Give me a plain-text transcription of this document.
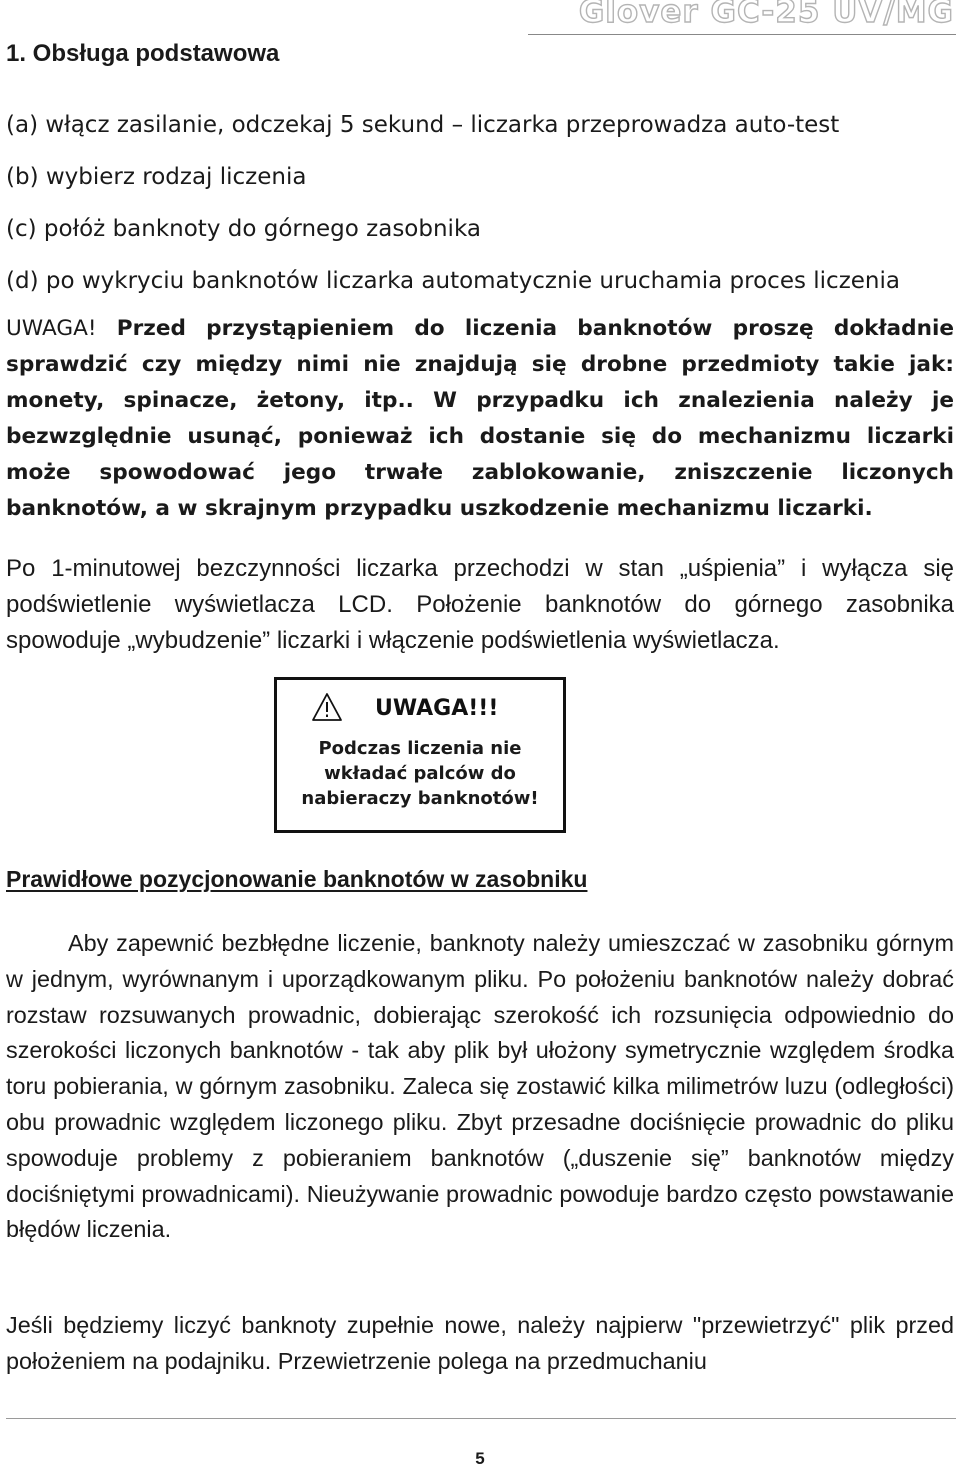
Glover GC-25 UV/MG
1. Obsługa podstawowa
(a) włącz zasilanie, odczekaj 5 sekund – liczarka przeprowadza auto-test
(b) wybierz rodzaj liczenia
(c) połóż banknoty do górnego zasobnika
(d) po wykryciu banknotów liczarka automatycznie uruchamia proces liczenia

UWAGA! Przed przystąpieniem do liczenia banknotów proszę dokładnie sprawdzić czy między nimi nie znajdują się drobne przedmioty takie jak: monety, spinacze, żetony, itp.. W przypadku ich znalezienia należy je bezwzględnie usunąć, ponieważ ich dostanie się do mechanizmu liczarki może spowodować jego trwałe zablokowanie, zniszczenie liczonych banknotów, a w skrajnym przypadku uszkodzenie mechanizmu liczarki.

Po 1-minutowej bezczynności liczarka przechodzi w stan „uśpienia” i wyłącza się podświetlenie wyświetlacza LCD. Położenie banknotów do górnego zasobnika spowoduje „wybudzenie” liczarki i włączenie podświetlenia wyświetlacza.

UWAGA!!!
Podczas liczenia nie
wkładać palców do
nabieraczy banknotów!
Prawidłowe pozycjonowanie banknotów w zasobniku

Aby zapewnić bezbłędne liczenie, banknoty należy umieszczać w zasobniku górnym w jednym, wyrównanym i uporządkowanym pliku. Po położeniu banknotów należy dobrać rozstaw rozsuwanych prowadnic, dobierając szerokość ich rozsunięcia odpowiednio do szerokości liczonych banknotów - tak aby plik był ułożony symetrycznie względem środka toru pobierania, w górnym zasobniku. Zaleca się zostawić kilka milimetrów luzu (odległości) obu prowadnic względem liczonego pliku. Zbyt przesadne dociśnięcie prowadnic do pliku spowoduje problemy z pobieraniem banknotów („duszenie się” banknotów między dociśniętymi prowadnicami). Nieużywanie prowadnic powoduje bardzo często powstawanie błędów liczenia.

Jeśli będziemy liczyć banknoty zupełnie nowe, należy najpierw "przewietrzyć" plik przed położeniem na podajniku. Przewietrzenie polega na przedmuchaniu

5
